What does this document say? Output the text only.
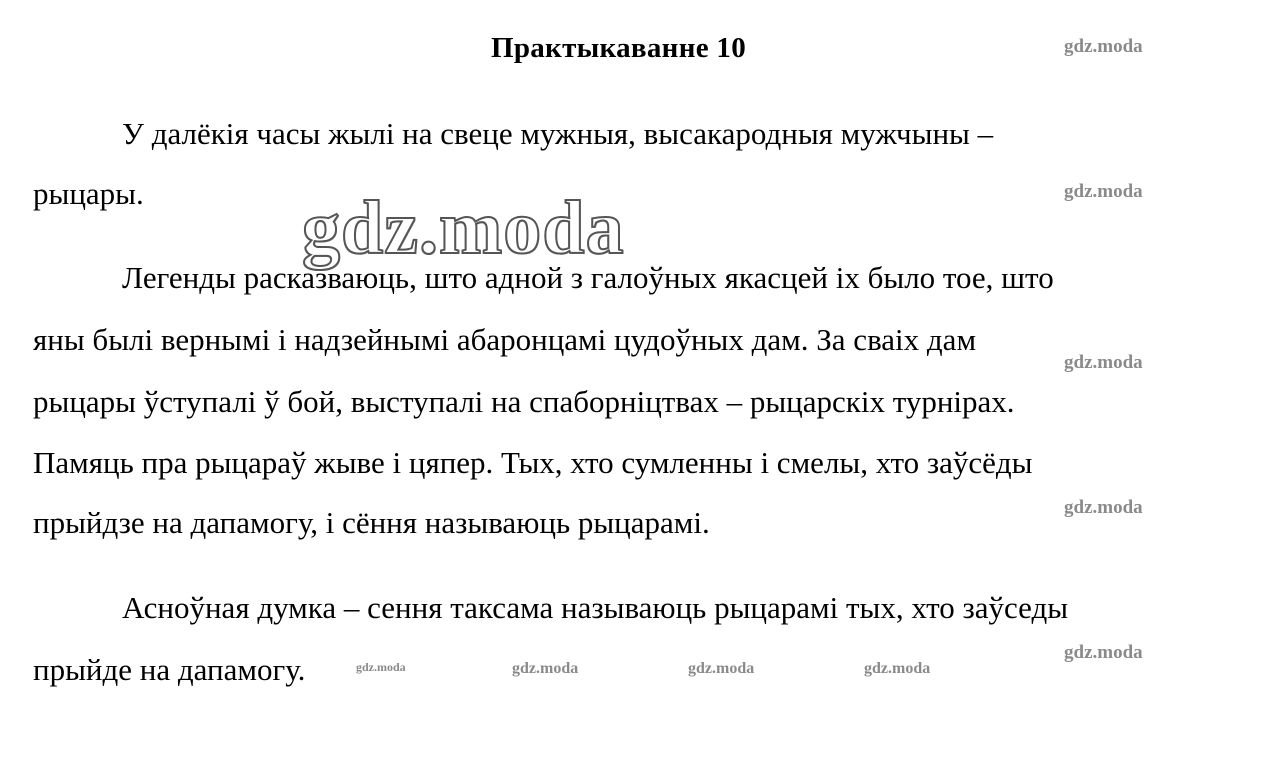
Практыкаванне 10
У далёкія часы жылі на свеце мужныя, высакародныя мужчыны –
рыцары.
Легенды расказваюць, што адной з галоўных якасцей іх было тое, што
яны былі вернымі і надзейнымі абаронцамі цудоўных дам. За сваіх дам
рыцары ўступалі ў бой, выступалі на спаборніцтвах – рыцарскіх турнірах.
Памяць пра рыцараў жыве і цяпер. Тых, хто сумленны і смелы, хто заўсёды
прыйдзе на дапамогу, і сёння называюць рыцарамі.
Асноўная думка – сення таксама называюць рыцарамі тых, хто заўседы
прыйде на дапамогу.
gdz.moda
gdz.moda
gdz.moda
gdz.moda
gdz.moda
gdz.moda
gdz.moda	gdz.moda	gdz.moda	gdz.moda
